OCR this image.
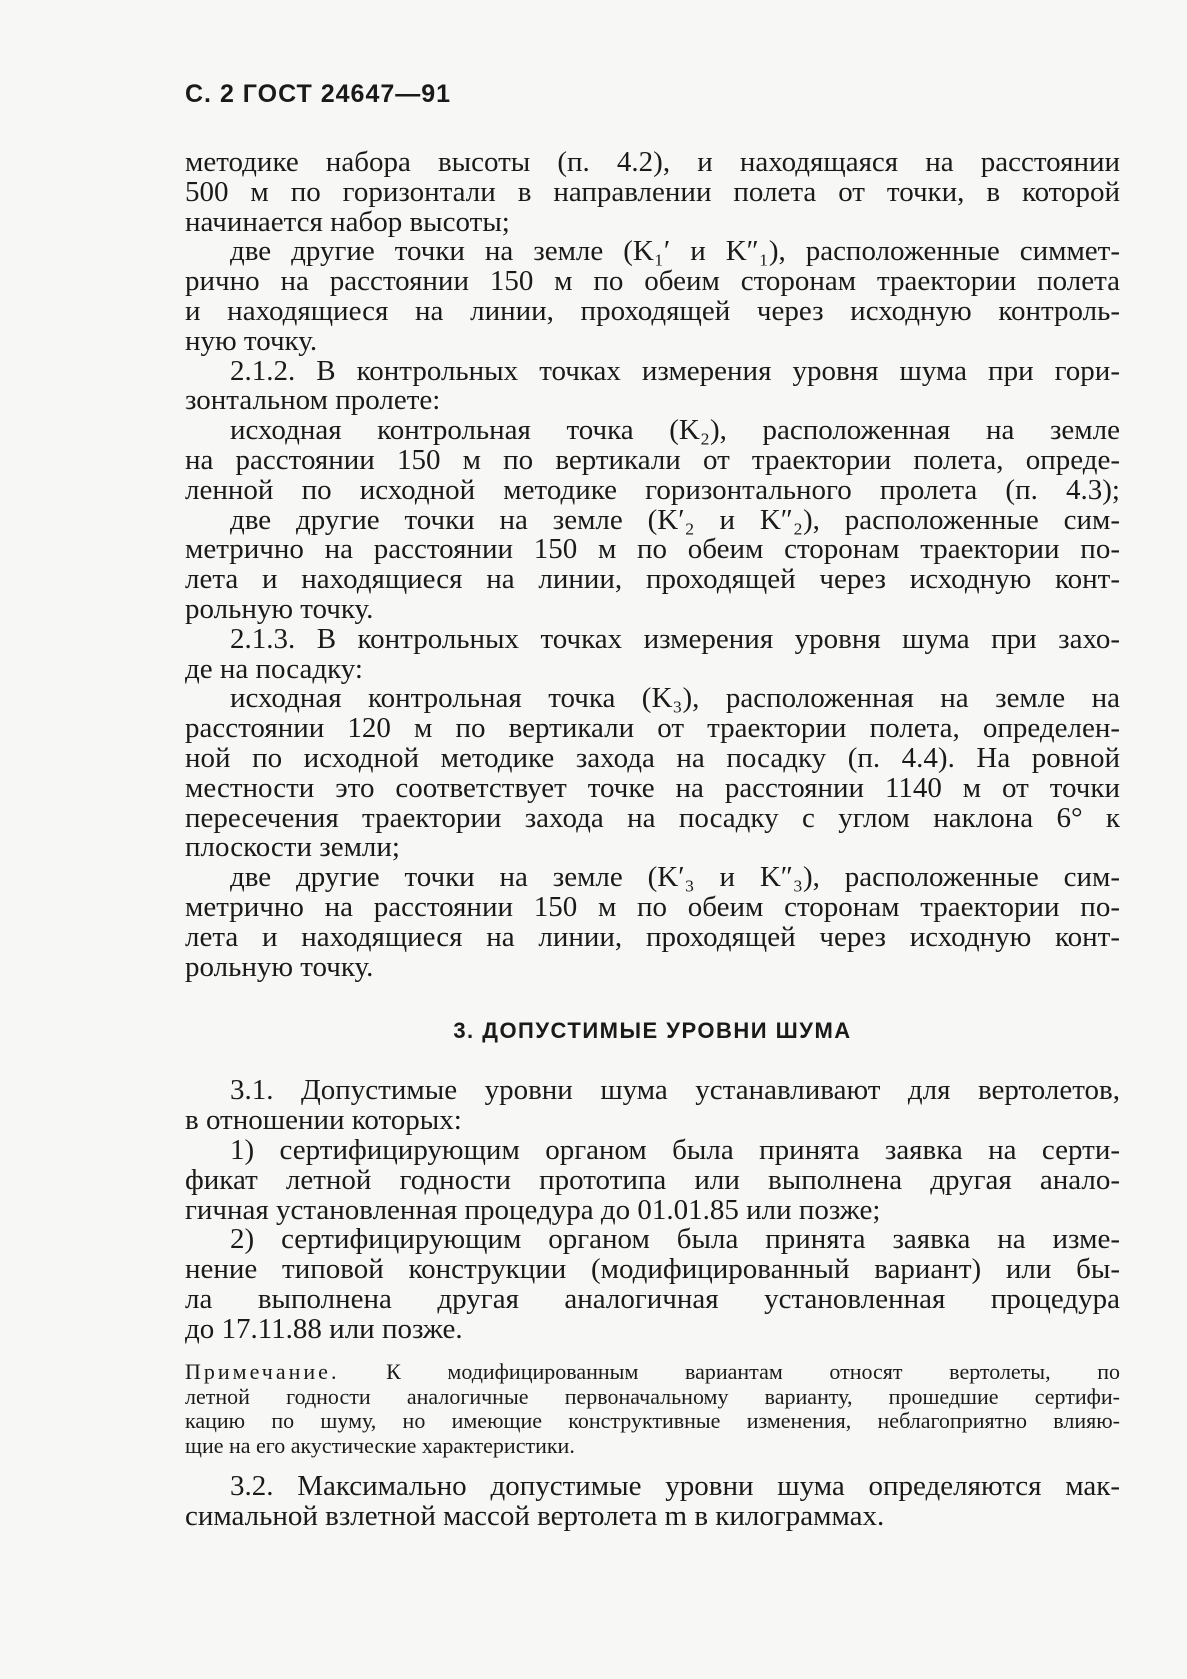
С. 2 ГОСТ 24647—91
методике набора высоты (п. 4.2), и находящаяся на расстоянии
500 м по горизонтали в направлении полета от точки, в которой
начинается набор высоты;
две другие точки на земле (K₁′ и K″₁), расположенные симмет-
рично на расстоянии 150 м по обеим сторонам траектории полета
и находящиеся на линии, проходящей через исходную контроль-
ную точку.
2.1.2. В контрольных точках измерения уровня шума при гори-
зонтальном пролете:
исходная контрольная точка (K₂), расположенная на земле
на расстоянии 150 м по вертикали от траектории полета, опреде-
ленной по исходной методике горизонтального пролета (п. 4.3);
две другие точки на земле (K′₂ и K″₂), расположенные сим-
метрично на расстоянии 150 м по обеим сторонам траектории по-
лета и находящиеся на линии, проходящей через исходную конт-
рольную точку.
2.1.3. В контрольных точках измерения уровня шума при захо-
де на посадку:
исходная контрольная точка (K₃), расположенная на земле на
расстоянии 120 м по вертикали от траектории полета, определен-
ной по исходной методике захода на посадку (п. 4.4). На ровной
местности это соответствует точке на расстоянии 1140 м от точки
пересечения траектории захода на посадку с углом наклона 6° к
плоскости земли;
две другие точки на земле (K′₃ и K″₃), расположенные сим-
метрично на расстоянии 150 м по обеим сторонам траектории по-
лета и находящиеся на линии, проходящей через исходную конт-
рольную точку.
3. ДОПУСТИМЫЕ УРОВНИ ШУМА
3.1. Допустимые уровни шума устанавливают для вертолетов,
в отношении которых:
1) сертифицирующим органом была принята заявка на серти-
фикат летной годности прототипа или выполнена другая анало-
гичная установленная процедура до 01.01.85 или позже;
2) сертифицирующим органом была принята заявка на изме-
нение типовой конструкции (модифицированный вариант) или бы-
ла выполнена другая аналогичная установленная процедура
до 17.11.88 или позже.
Примечание. К модифицированным вариантам относят вертолеты, по
летной годности аналогичные первоначальному варианту, прошедшие сертифи-
кацию по шуму, но имеющие конструктивные изменения, неблагоприятно влияю-
щие на его акустические характеристики.
3.2. Максимально допустимые уровни шума определяются мак-
симальной взлетной массой вертолета m в килограммах.
